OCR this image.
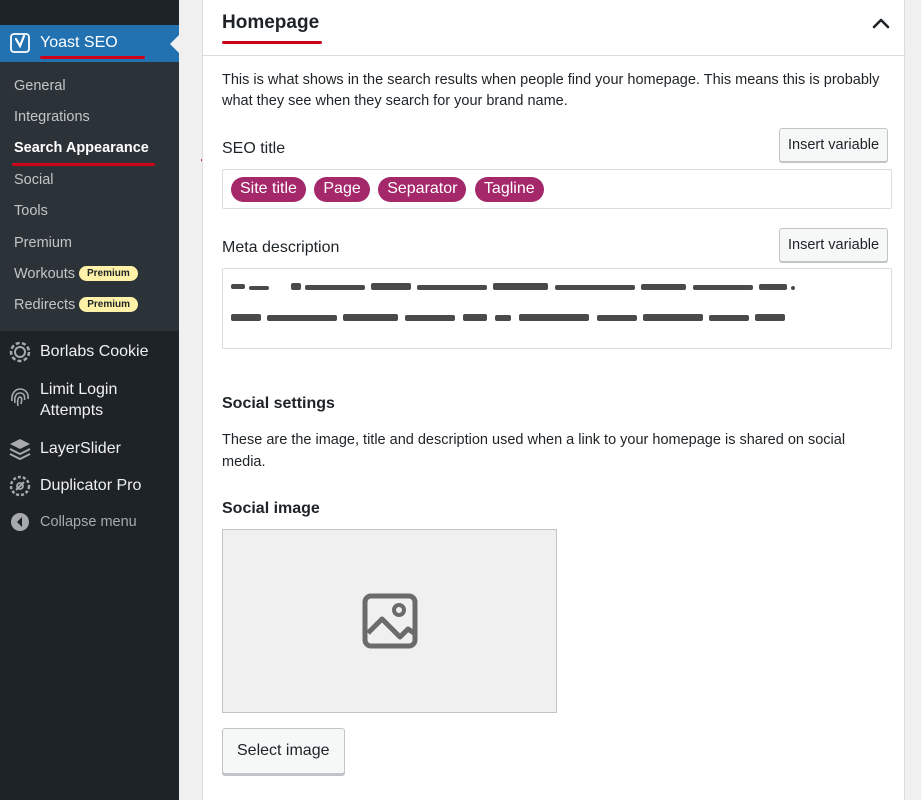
Yoast SEO
General
Integrations
Search Appearance
Social
Tools
Premium
Workouts Premium
Redirects Premium
Borlabs Cookie
Limit Login Attempts
LayerSlider
Duplicator Pro
Collapse menu
Homepage

This is what shows in the search results when people find your homepage. This means this is probably what they see when they search for your brand name.

SEO title	Insert variable
Site title Page Separator Tagline
Meta description	Insert variable
Social settings

These are the image, title and description used when a link to your homepage is shared on social media.

Social image
Select image
